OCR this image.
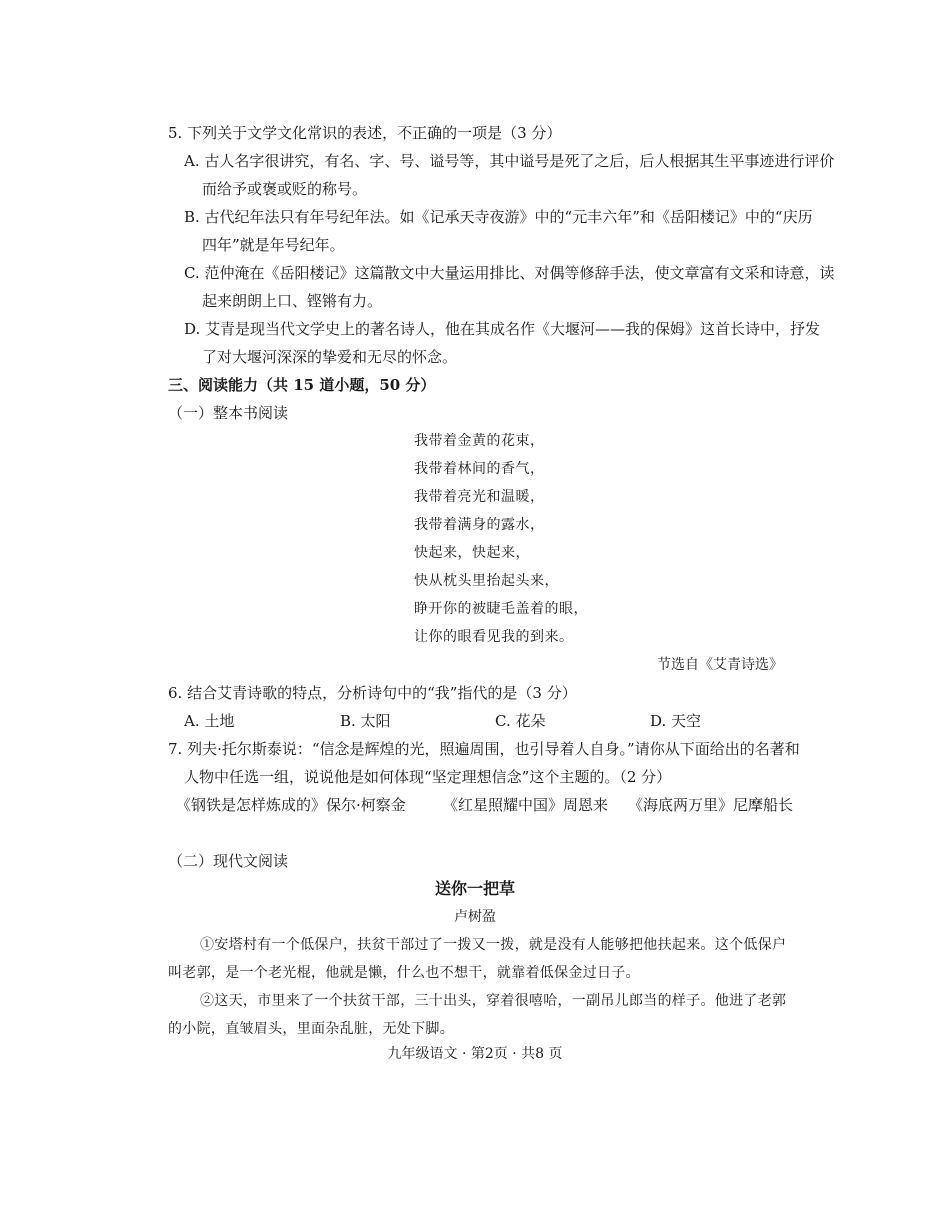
5. 下列关于文学文化常识的表述，不正确的一项是（3 分）
A. 古人名字很讲究，有名、字、号、谥号等，其中谥号是死了之后，后人根据其生平事迹进行评价
而给予或褒或贬的称号。
B. 古代纪年法只有年号纪年法。如《记承天寺夜游》中的“元丰六年”和《岳阳楼记》中的“庆历
四年”就是年号纪年。
C. 范仲淹在《岳阳楼记》这篇散文中大量运用排比、对偶等修辞手法，使文章富有文采和诗意，读
起来朗朗上口、铿锵有力。
D. 艾青是现当代文学史上的著名诗人，他在其成名作《大堰河——我的保姆》这首长诗中，抒发
了对大堰河深深的挚爱和无尽的怀念。
三、阅读能力（共 15 道小题，50 分）
（一）整本书阅读
我带着金黄的花束，
我带着林间的香气，
我带着亮光和温暖，
我带着满身的露水，
快起来，快起来，
快从枕头里抬起头来，
睁开你的被睫毛盖着的眼，
让你的眼看见我的到来。
节选自《艾青诗选》
6. 结合艾青诗歌的特点，分析诗句中的“我”指代的是（3 分）
A. 土地	B. 太阳	C. 花朵	D. 天空
7. 列夫·托尔斯泰说：“信念是辉煌的光，照遍周围，也引导着人自身。”请你从下面给出的名著和
人物中任选一组，说说他是如何体现“坚定理想信念”这个主题的。（2 分）
《钢铁是怎样炼成的》保尔·柯察金 《红星照耀中国》周恩来 《海底两万里》尼摩船长
（二）现代文阅读
送你一把草
卢树盈
①安塔村有一个低保户，扶贫干部过了一拨又一拨，就是没有人能够把他扶起来。这个低保户
叫老郭，是一个老光棍，他就是懒，什么也不想干，就靠着低保金过日子。
②这天，市里来了一个扶贫干部，三十出头，穿着很嘻哈，一副吊儿郎当的样子。他进了老郭
的小院，直皱眉头，里面杂乱脏，无处下脚。
九年级语文 · 第2页 · 共8 页
